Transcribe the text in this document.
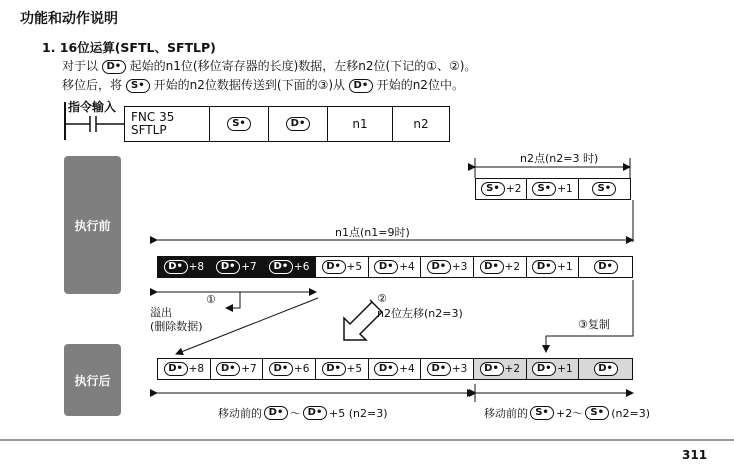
功能和动作说明
1. 16位运算(SFTL、SFTLP)
对于以 D• 起始的n1位(移位寄存器的长度)数据，左移n2位(下记的①、②)。
移位后，将 S• 开始的n2位数据传送到(下面的③)从 D• 开始的n2位中。
指令输入
FNC 35
SFTLP	S•	D•	n1	n2
执行前
执行后
n2点(n2=3 时)
n1点(n1=9时)
S• +2	S• +1	S•
D• +8	D• +7	D• +6	D• +5	D• +4	D• +3	D• +2	D• +1	D•
D• +8	D• +7	D• +6	D• +5	D• +4	D• +3	D• +2	D• +1	D•
①
溢出
(删除数据)
②
n2位左移(n2=3)
③复制
移动前的 D• ～ D• +5 (n2=3)	移动前的 S• +2～ S• (n2=3)
311
